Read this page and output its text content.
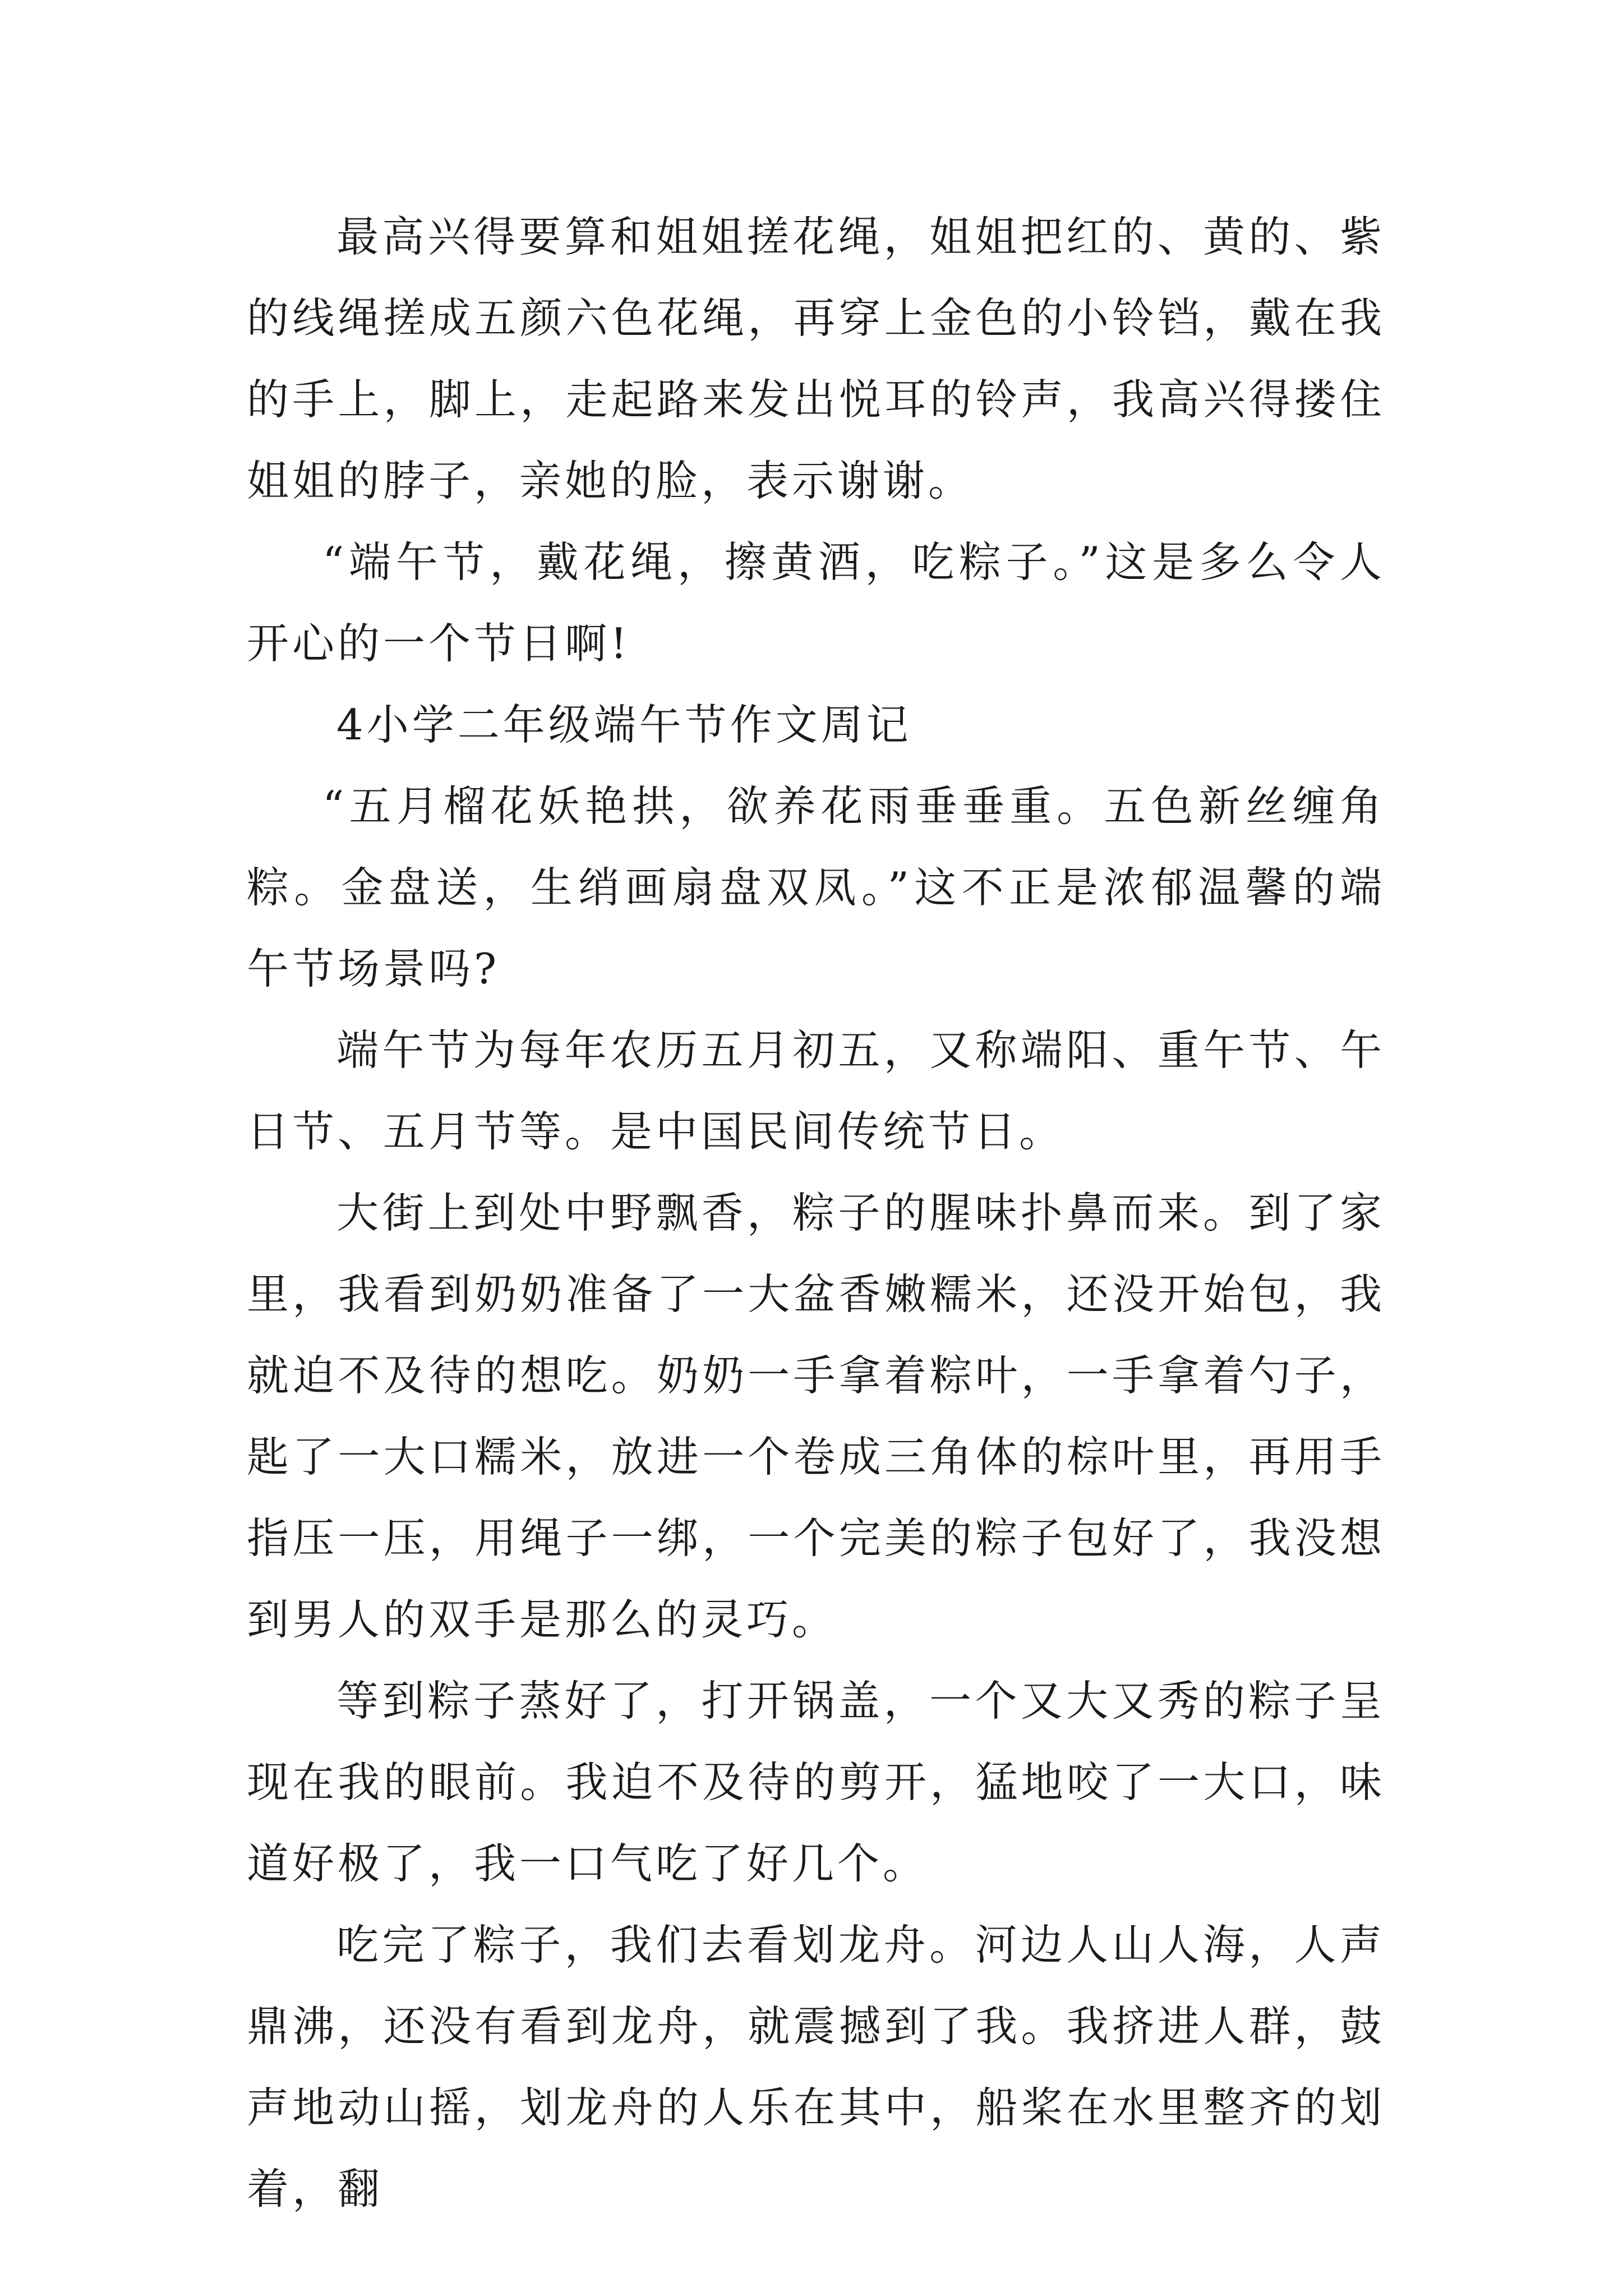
最高兴得要算和姐姐搓花绳，姐姐把红的、黄的、紫的线绳搓成五颜六色花绳，再穿上金色的小铃铛，戴在我的手上，脚上，走起路来发出悦耳的铃声，我高兴得搂住姐姐的脖子，亲她的脸，表示谢谢。

“端午节，戴花绳，擦黄酒，吃粽子。”这是多么令人开心的一个节日啊!

4小学二年级端午节作文周记

“五月榴花妖艳拱，欲养花雨垂垂重。五色新丝缠角粽。金盘送，生绡画扇盘双凤。”这不正是浓郁温馨的端午节场景吗?

端午节为每年农历五月初五，又称端阳、重午节、午日节、五月节等。是中国民间传统节日。

大街上到处中野飘香，粽子的腥味扑鼻而来。到了家里，我看到奶奶准备了一大盆香嫩糯米，还没开始包，我就迫不及待的想吃。奶奶一手拿着粽叶，一手拿着勺子，匙了一大口糯米，放进一个卷成三角体的棕叶里，再用手指压一压，用绳子一绑，一个完美的粽子包好了，我没想到男人的双手是那么的灵巧。

等到粽子蒸好了，打开锅盖，一个又大又秀的粽子呈现在我的眼前。我迫不及待的剪开，猛地咬了一大口，味道好极了，我一口气吃了好几个。

吃完了粽子，我们去看划龙舟。河边人山人海，人声鼎沸，还没有看到龙舟，就震撼到了我。我挤进人群，鼓声地动山摇，划龙舟的人乐在其中，船桨在水里整齐的划着，翻
